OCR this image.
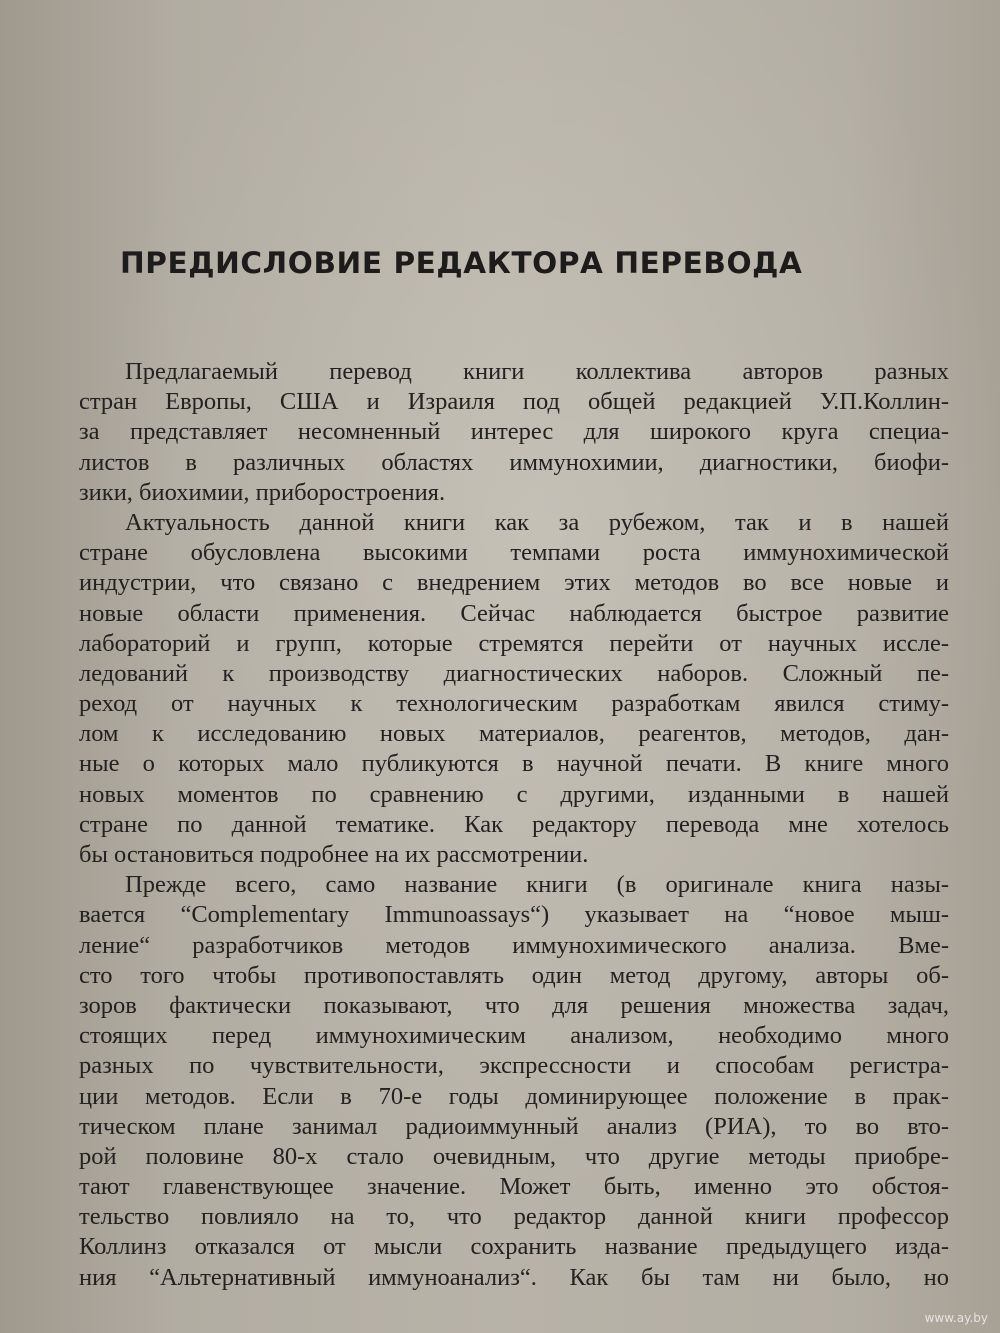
ПРЕДИСЛОВИЕ РЕДАКТОРА ПЕРЕВОДА
Предлагаемый перевод книги коллектива авторов разных
стран Европы, США и Израиля под общей редакцией У.П.Коллин-
за представляет несомненный интерес для широкого круга специа-
листов в различных областях иммунохимии, диагностики, биофи-
зики, биохимии, приборостроения.
Актуальность данной книги как за рубежом, так и в нашей
стране обусловлена высокими темпами роста иммунохимической
индустрии, что связано с внедрением этих методов во все новые и
новые области применения. Сейчас наблюдается быстрое развитие
лабораторий и групп, которые стремятся перейти от научных иссле-
ледований к производству диагностических наборов. Сложный пе-
реход от научных к технологическим разработкам явился стиму-
лом к исследованию новых материалов, реагентов, методов, дан-
ные о которых мало публикуются в научной печати. В книге много
новых моментов по сравнению с другими, изданными в нашей
стране по данной тематике. Как редактору перевода мне хотелось
бы остановиться подробнее на их рассмотрении.
Прежде всего, само название книги (в оригинале книга назы-
вается “Complementary Immunoassays“) указывает на “новое мыш-
ление“ разработчиков методов иммунохимического анализа. Вме-
сто того чтобы противопоставлять один метод другому, авторы об-
зоров фактически показывают, что для решения множества задач,
стоящих перед иммунохимическим анализом, необходимо много
разных по чувствительности, экспрессности и способам регистра-
ции методов. Если в 70-е годы доминирующее положение в прак-
тическом плане занимал радиоиммунный анализ (РИА), то во вто-
рой половине 80-х стало очевидным, что другие методы приобре-
тают главенствующее значение. Может быть, именно это обстоя-
тельство повлияло на то, что редактор данной книги профессор
Коллинз отказался от мысли сохранить название предыдущего изда-
ния “Альтернативный иммуноанализ“. Как бы там ни было, но
www.ay.by
